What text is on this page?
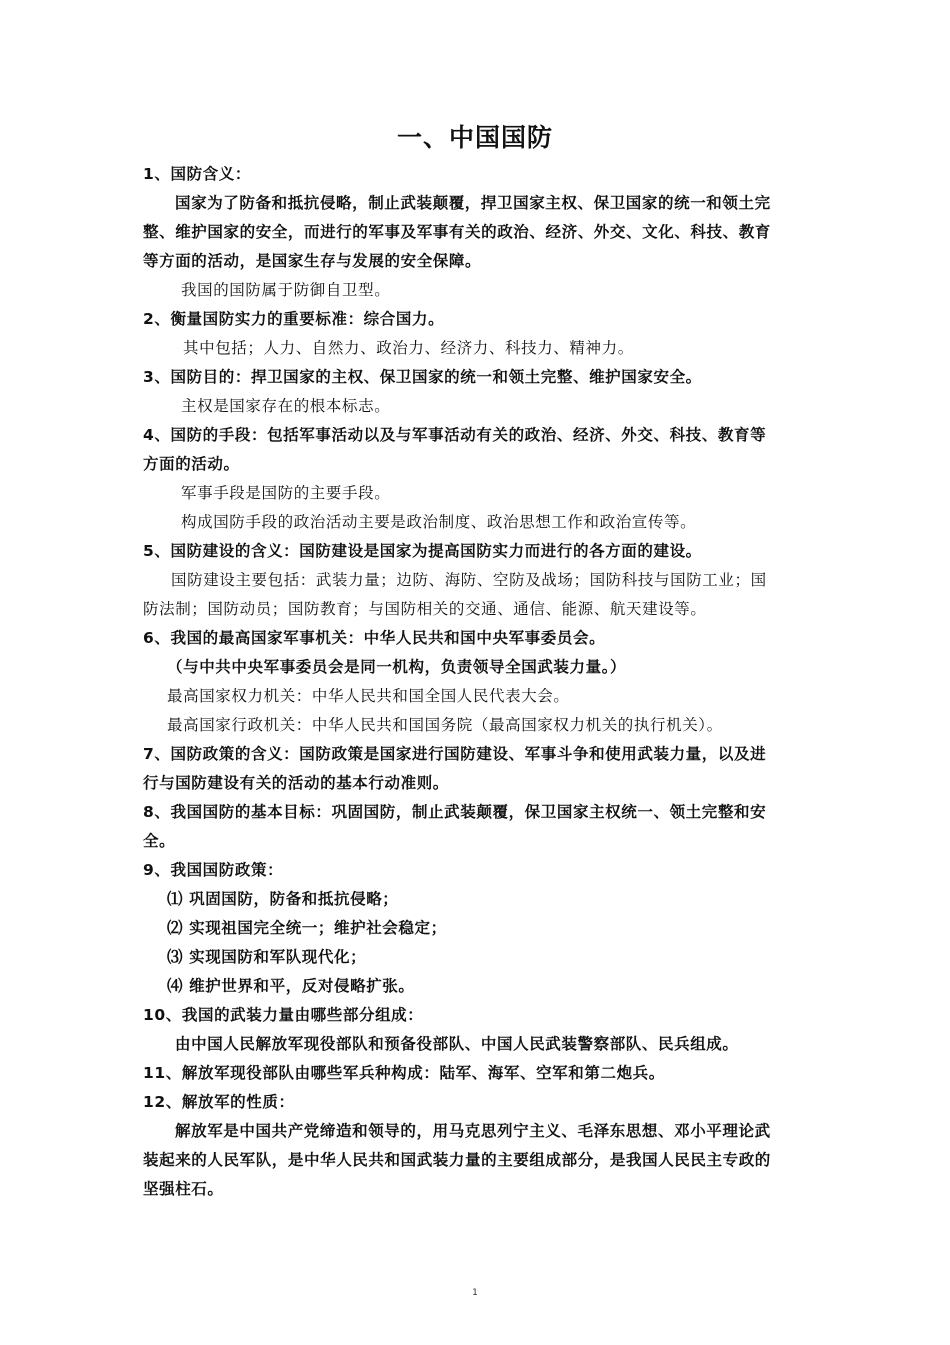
一、中国国防
1、国防含义：
国家为了防备和抵抗侵略，制止武装颠覆，捍卫国家主权、保卫国家的统一和领土完
整、维护国家的安全，而进行的军事及军事有关的政治、经济、外交、文化、科技、教育
等方面的活动，是国家生存与发展的安全保障。
我国的国防属于防御自卫型。
2、衡量国防实力的重要标准：综合国力。
其中包括；人力、自然力、政治力、经济力、科技力、精神力。
3、国防目的：捍卫国家的主权、保卫国家的统一和领土完整、维护国家安全。
主权是国家存在的根本标志。
4、国防的手段：包括军事活动以及与军事活动有关的政治、经济、外交、科技、教育等
方面的活动。
军事手段是国防的主要手段。
构成国防手段的政治活动主要是政治制度、政治思想工作和政治宣传等。
5、国防建设的含义：国防建设是国家为提高国防实力而进行的各方面的建设。
国防建设主要包括：武装力量；边防、海防、空防及战场；国防科技与国防工业；国
防法制；国防动员；国防教育；与国防相关的交通、通信、能源、航天建设等。
6、我国的最高国家军事机关：中华人民共和国中央军事委员会。
（与中共中央军事委员会是同一机构，负责领导全国武装力量。）
最高国家权力机关：中华人民共和国全国人民代表大会。
最高国家行政机关：中华人民共和国国务院（最高国家权力机关的执行机关）。
7、国防政策的含义：国防政策是国家进行国防建设、军事斗争和使用武装力量，以及进
行与国防建设有关的活动的基本行动准则。
8、我国国防的基本目标：巩固国防，制止武装颠覆，保卫国家主权统一、领土完整和安
全。
9、我国国防政策：
⑴ 巩固国防，防备和抵抗侵略；
⑵ 实现祖国完全统一；维护社会稳定；
⑶ 实现国防和军队现代化；
⑷ 维护世界和平，反对侵略扩张。
10、我国的武装力量由哪些部分组成：
由中国人民解放军现役部队和预备役部队、中国人民武装警察部队、民兵组成。
11、解放军现役部队由哪些军兵种构成：陆军、海军、空军和第二炮兵。
12、解放军的性质：
解放军是中国共产党缔造和领导的，用马克思列宁主义、毛泽东思想、邓小平理论武
装起来的人民军队，是中华人民共和国武装力量的主要组成部分，是我国人民民主专政的
坚强柱石。
1
